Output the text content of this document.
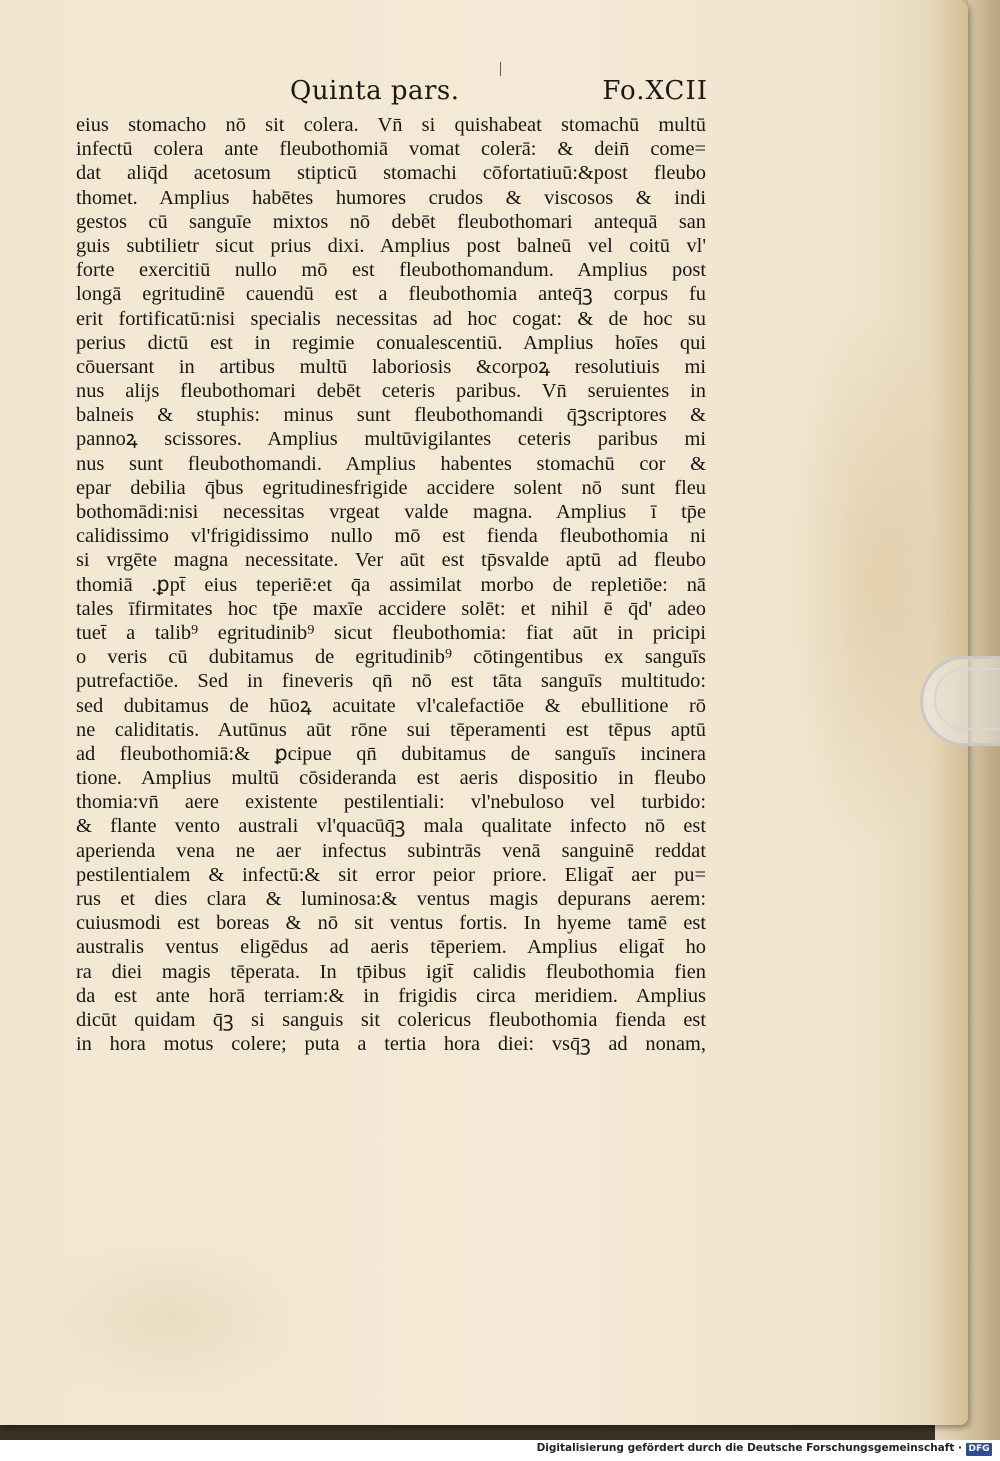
Quinta pars.	Fo.XCII
eius stomacho nō sit colera. Vn̄ si quishabeat stomachū multū
infectū colera ante fleubothomiā vomat colerā: & dein̄ come=
dat aliq̄d acetosum stipticū stomachi cōfortatiuū:&post fleubo
thomet. Amplius habētes humores crudos & viscosos & indi
gestos cū sanguīe mixtos nō debēt fleubothomari antequā san
guis subtilietr sicut prius dixi. Amplius post balneū vel coitū vl'
forte exercitiū nullo mō est fleubothomandum. Amplius post
longā egritudinē cauendū est a fleubothomia anteq̄ꝫ corpus fu
erit fortificatū:nisi specialis necessitas ad hoc cogat: & de hoc su
perius dictū est in regimie conualescentiū. Amplius hoīes qui
cōuersant in artibus multū laboriosis &corpoꝝ resolutiuis mi
nus alijs fleubothomari debēt ceteris paribus. Vn̄ seruientes in
balneis & stuphis: minus sunt fleubothomandi q̄ꝫscriptores &
pannoꝝ scissores. Amplius multūvigilantes ceteris paribus mi
nus sunt fleubothomandi. Amplius habentes stomachū cor &
epar debilia q̄bus egritudinesfrigide accidere solent nō sunt fleu
bothomādi:nisi necessitas vrgeat valde magna. Amplius ī tp̄e
calidissimo vl'frigidissimo nullo mō est fienda fleubothomia ni
si vrgēte magna necessitate. Ver aūt est tp̄svalde aptū ad fleubo
thomiā .ꝑpt̄ eius teperiē:et q̄a assimilat morbo de repletiōe: nā
tales īfirmitates hoc tp̄e maxīe accidere solēt: et nihil ē q̄d' adeo
tuet̄ a talib⁹ egritudinib⁹ sicut fleubothomia: fiat aūt in pricipi
o veris cū dubitamus de egritudinib⁹ cōtingentibus ex sanguīs
putrefactiōe. Sed in fineveris qn̄ nō est tāta sanguīs multitudo:
sed dubitamus de hūoꝝ acuitate vl'calefactiōe & ebullitione rō
ne caliditatis. Autūnus aūt rōne sui tēperamenti est tēpus aptū
ad fleubothomiā:& ꝑcipue qn̄ dubitamus de sanguīs incinera
tione. Amplius multū cōsideranda est aeris dispositio in fleubo
thomia:vn̄ aere existente pestilentiali: vl'nebuloso vel turbido:
& flante vento australi vl'quacūq̄ꝫ mala qualitate infecto nō est
aperienda vena ne aer infectus subintrās venā sanguinē reddat
pestilentialem & infectū:& sit error peior priore. Eligat̄ aer pu=
rus et dies clara & luminosa:& ventus magis depurans aerem:
cuiusmodi est boreas & nō sit ventus fortis. In hyeme tamē est
australis ventus eligēdus ad aeris tēperiem. Amplius eligat̄ ho
ra diei magis tēperata. In tp̄ibus igit̄ calidis fleubothomia fien
da est ante horā terriam:& in frigidis circa meridiem. Amplius
dicūt quidam q̄ꝫ si sanguis sit colericus fleubothomia fienda est
in hora motus colere; puta a tertia hora diei: vsq̄ꝫ ad nonam,
Digitalisierung gefördert durch die Deutsche Forschungsgemeinschaft · DFG
